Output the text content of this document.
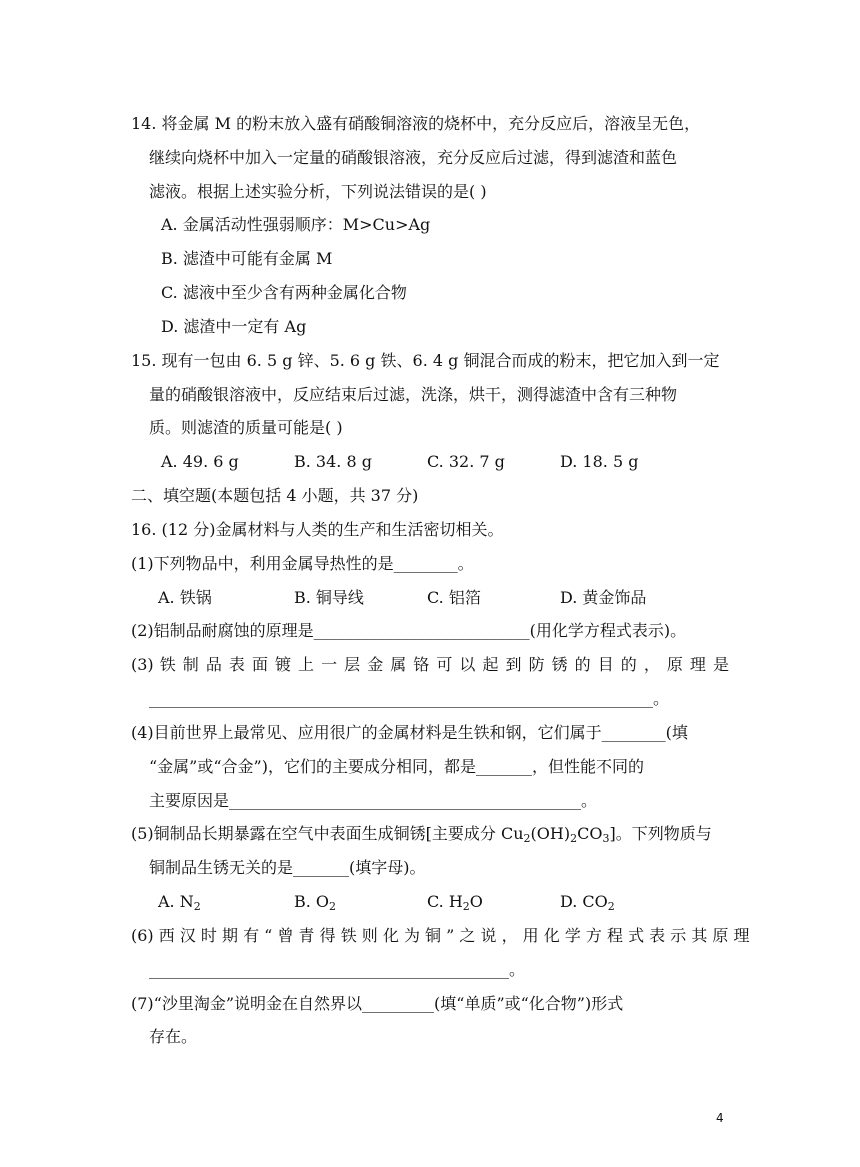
14. 将金属 M 的粉末放入盛有硝酸铜溶液的烧杯中，充分反应后，溶液呈无色，
继续向烧杯中加入一定量的硝酸银溶液，充分反应后过滤，得到滤渣和蓝色
滤液。根据上述实验分析，下列说法错误的是( )
A. 金属活动性强弱顺序：M>Cu>Ag
B. 滤渣中可能有金属 M
C. 滤液中至少含有两种金属化合物
D. 滤渣中一定有 Ag
15. 现有一包由 6. 5 g 锌、5. 6 g 铁、6. 4 g 铜混合而成的粉末，把它加入到一定
量的硝酸银溶液中，反应结束后过滤，洗涤，烘干，测得滤渣中含有三种物
质。则滤渣的质量可能是( )
A. 49. 6 g	B. 34. 8 g	C. 32. 7 g	D. 18. 5 g
二、填空题(本题包括 4 小题，共 37 分)
16. (12 分)金属材料与人类的生产和生活密切相关。
(1)下列物品中，利用金属导热性的是________。
A. 铁锅	B. 铜导线	C. 铝箔	D. 黄金饰品
(2)铝制品耐腐蚀的原理是___________________________(用化学方程式表示)。
(3) 铁 制 品 表 面 镀 上 一 层 金 属 铬 可 以 起 到 防 锈 的 目 的 ， 原 理 是
_______________________________________________________________。
(4)目前世界上最常见、应用很广的金属材料是生铁和钢，它们属于________(填
“金属”或“合金”)，它们的主要成分相同，都是_______，但性能不同的
主要原因是____________________________________________。
(5)铜制品长期暴露在空气中表面生成铜锈[主要成分 $Cu_2(OH)_2CO_3$]。下列物质与
铜制品生锈无关的是_______(填字母)。
A. $N_2$	B. $O_2$	C. $H_2O$	D. $CO_2$
(6) 西 汉 时 期 有 “ 曾 青 得 铁 则 化 为 铜 ” 之 说 ， 用 化 学 方 程 式 表 示 其 原 理
_____________________________________________。
(7)“沙里淘金”说明金在自然界以_________(填“单质”或“化合物”)形式
存在。
4
